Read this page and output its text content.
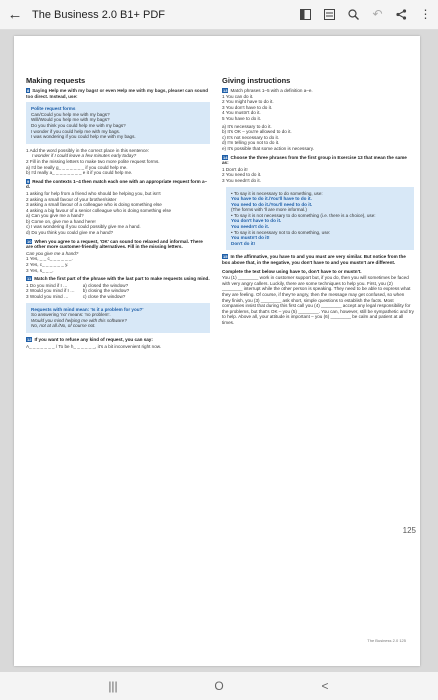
← The Business 2.0 B1+ PDF	↶	⋮
Making requests
8 Saying Help me with my bags! or even Help me with my bags, please! can sound too direct. Instead, use:
Polite request forms
Can/Could you help me with my bags?
Will/Would you help me with my bags?
Do you think you could help me with my bags?
I wonder if you could help me with my bags.
I was wondering if you could help me with my bags.
1 Add the word possibly in the correct place in this sentence:
I wonder if I could leave a few minutes early today?
2 Fill in the missing letters to make two more polite request forms.
a) I'd be really g_ _ _ _ _ _ _ if you could help me.
b) I'd really a_ _ _ _ _ _ _ _ e it if you could help me.
9 Read the contexts 1–4 then match each one with an appropriate request form a–d.
1 asking for help from a friend who should be helping you, but isn't
2 asking a small favour of your brother/sister
3 asking a small favour of a colleague who is doing something else
4 asking a big favour of a senior colleague who is doing something else
a) Can you give me a hand?
b) Come on, give me a hand here!
c) I was wondering if you could possibly give me a hand.
d) Do you think you could give me a hand?
10 When you agree to a request, 'OK' can sound too relaxed and informal. There are other more customer-friendly alternatives. Fill in the missing letters.
Can you give me a hand?
1 Yes, _ _ c_ _ _ _ _ _.
2 Yes, c_ _ _ _ _ _ y.
3 Yes, s_ _ _.
11 Match the first part of the phrase with the last part to make requests using mind.
1 Do you mind if I …
2 Would you mind if I …
3 Would you mind …
a) closed the window?
b) closing the window?
c) close the window?
Requests with mind mean: 'Is it a problem for you?'
So answering 'no' means: 'no problem'.
Would you mind helping me with this software?
No, not at all./No, of course not.
12 If you want to refuse any kind of request, you can say:
A_ _ _ _ _ _ _ / To be h_ _ _ _ _ _, it's a bit inconvenient right now.
Giving instructions
13 Match phrases 1–5 with a definition a–e.
1 You can do it.
2 You might have to do it.
3 You don't have to do it.
4 You mustn't do it.
5 You have to do it.
a) It's necessary to do it.
b) It's OK – you're allowed to do it.
c) It's not necessary to do it.
d) I'm telling you not to do it.
e) It's possible that some action is necessary.
14 Choose the three phrases from the first group in Exercise 13 that mean the same as:
1 Don't do it!
2 You need to do it.
3 You needn't do it.
• To say it is necessary to do something, use:
You have to do it./You'll have to do it.
You need to do it./You'll need to do it.
(The forms with 'll are more informal.)
• To say it is not necessary to do something (i.e. there is a choice), use:
You don't have to do it.
You needn't do it.
• To say it is necessary not to do something, use:
You mustn't do it!
Don't do it!
15 In the affirmative, you have to and you must are very similar. But notice from the box above that, in the negative, you don't have to and you mustn't are different.
Complete the text below using have to, don't have to or mustn't.
You (1) ________ work in customer support but, if you do, then you will sometimes be faced with very angry callers. Luckily, there are some techniques to help you. First, you (2) ________ interrupt while the other person is speaking. They need to be able to express what they are feeling. Of course, if they're angry, then the message may get confused, so when they finish, you (3) ________ ask short, simple questions to establish the facts. Most companies insist that during this first call you (4) ________ accept any legal responsibility for the problems, but that's OK – you (5) ________. You can, however, still be sympathetic and try to help. Above all, your attitude is important – you (6) ________ be calm and patient at all times.
125
The Business 2.0 125
|||	O	<
